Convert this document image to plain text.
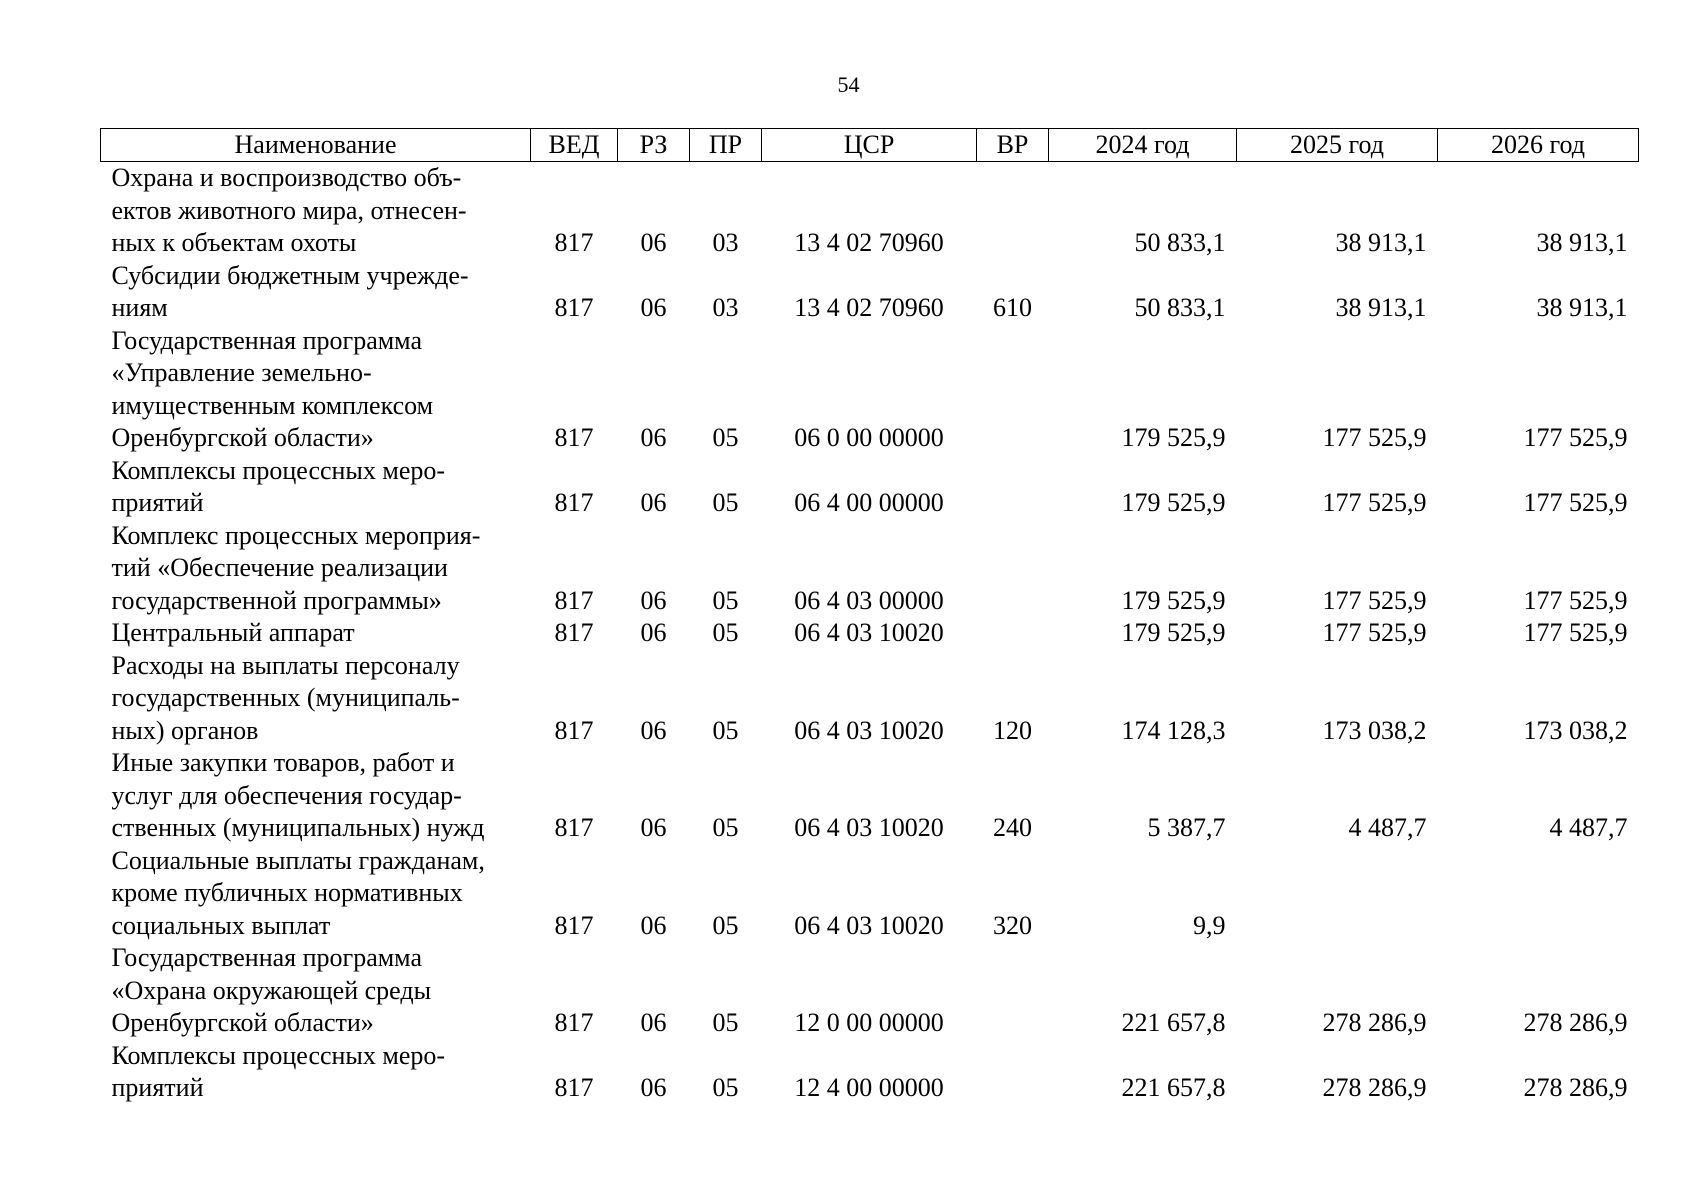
54
Наименование	ВЕД	РЗ	ПР	ЦСР	ВР	2024 год	2025 год	2026 год

Охрана и воспроизводство объ-
ектов животного мира, отнесен-
ных к объектам охоты	817	06	03	13 4 02 70960		50 833,1	38 913,1	38 913,1

Субсидии бюджетным учрежде-
ниям	817	06	03	13 4 02 70960	610	50 833,1	38 913,1	38 913,1

Государственная программа
«Управление земельно-
имущественным комплексом
Оренбургской области»	817	06	05	06 0 00 00000		179 525,9	177 525,9	177 525,9

Комплексы процессных меро-
приятий	817	06	05	06 4 00 00000		179 525,9	177 525,9	177 525,9

Комплекс процессных мероприя-
тий «Обеспечение реализации
государственной программы»	817	06	05	06 4 03 00000		179 525,9	177 525,9	177 525,9

Центральный аппарат	817	06	05	06 4 03 10020		179 525,9	177 525,9	177 525,9

Расходы на выплаты персоналу
государственных (муниципаль-
ных) органов	817	06	05	06 4 03 10020	120	174 128,3	173 038,2	173 038,2

Иные закупки товаров, работ и
услуг для обеспечения государ-
ственных (муниципальных) нужд	817	06	05	06 4 03 10020	240	5 387,7	4 487,7	4 487,7

Социальные выплаты гражданам,
кроме публичных нормативных
социальных выплат	817	06	05	06 4 03 10020	320	9,9		

Государственная программа
«Охрана окружающей среды
Оренбургской области»	817	06	05	12 0 00 00000		221 657,8	278 286,9	278 286,9

Комплексы процессных меро-
приятий	817	06	05	12 4 00 00000		221 657,8	278 286,9	278 286,9
